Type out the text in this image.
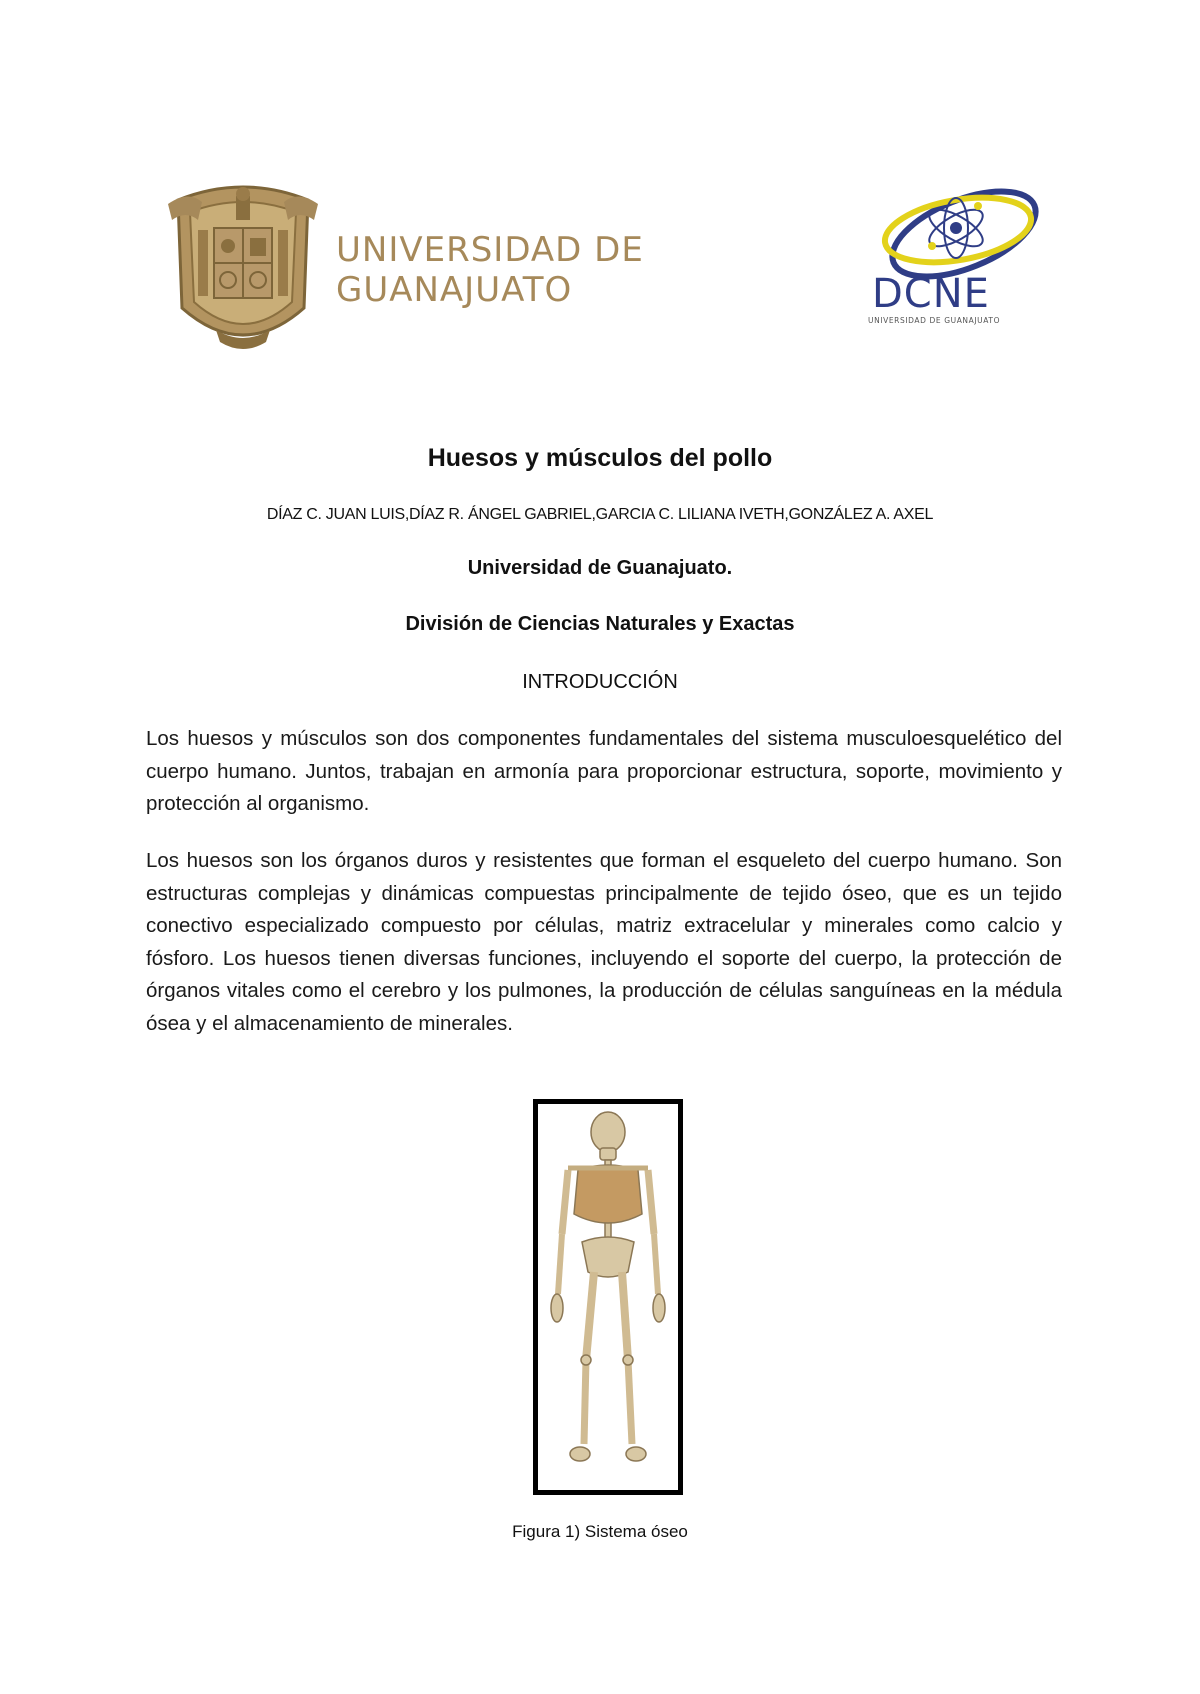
UNIVERSIDAD DE
GUANAJUATO	DCNE
UNIVERSIDAD DE GUANAJUATO
Huesos y músculos del pollo
DÍAZ C. JUAN LUIS,DÍAZ R. ÁNGEL GABRIEL,GARCIA C. LILIANA IVETH,GONZÁLEZ A. AXEL
Universidad de Guanajuato.
División de Ciencias Naturales y Exactas
INTRODUCCIÓN
Los huesos y músculos son dos componentes fundamentales del sistema musculoesquelético del cuerpo humano. Juntos, trabajan en armonía para proporcionar estructura, soporte, movimiento y protección al organismo.
Los huesos son los órganos duros y resistentes que forman el esqueleto del cuerpo humano. Son estructuras complejas y dinámicas compuestas principalmente de tejido óseo, que es un tejido conectivo especializado compuesto por células, matriz extracelular y minerales como calcio y fósforo. Los huesos tienen diversas funciones, incluyendo el soporte del cuerpo, la protección de órganos vitales como el cerebro y los pulmones, la producción de células sanguíneas en la médula ósea y el almacenamiento de minerales.
Figura 1) Sistema óseo
